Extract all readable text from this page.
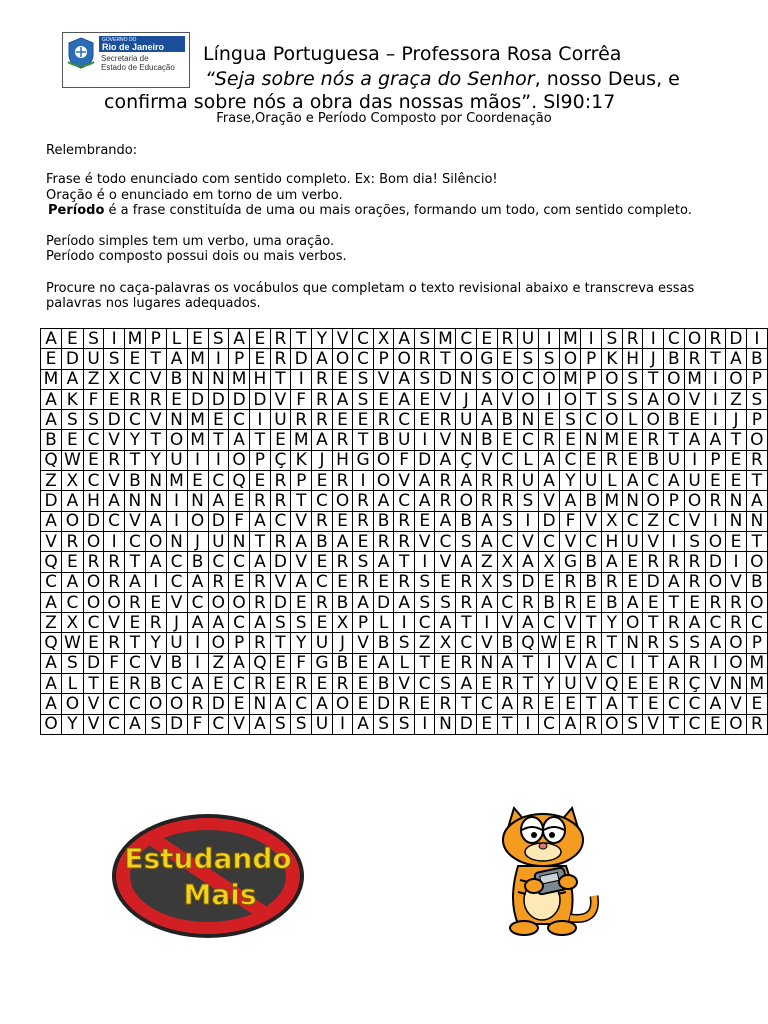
GOVERNO DO
Rio de Janeiro
Secretaria de
Estado de Educação
Língua Portuguesa – Professora Rosa Corrêa
“Seja sobre nós a graça do Senhor, nosso Deus, e
confirma sobre nós a obra das nossas mãos”. Sl90:17
Frase,Oração e Período Composto por Coordenação
Relembrando:
Frase é todo enunciado com sentido completo. Ex: Bom dia! Silêncio!
Oração é o enunciado em torno de um verbo.
Período é a frase constituída de uma ou mais orações, formando um todo, com sentido completo.
Período simples tem um verbo, uma oração.
Período composto possui dois ou mais verbos.
Procure no caça-palavras os vocábulos que completam o texto revisional abaixo e transcreva essas palavras nos lugares adequados.
A	E	S	I	M	P	L	E	S	A	E	R	T	Y	V	C	X	A	S	M	C	E	R	U	I	M	I	S	R	I	C	O	R	D	I
E	D	U	S	E	T	A	M	I	P	E	R	D	A	O	C	P	O	R	T	O	G	E	S	S	O	P	K	H	J	B	R	T	A	B
M	A	Z	X	C	V	B	N	N	M	H	T	I	R	E	S	V	A	S	D	N	S	O	C	O	M	P	O	S	T	O	M	I	O	P
A	K	F	E	R	R	E	D	D	D	D	V	F	R	A	S	E	A	E	V	J	A	V	O	I	O	T	S	S	A	O	V	I	Z	S
A	S	S	D	C	V	N	M	E	C	I	U	R	R	E	E	R	C	E	R	U	A	B	N	E	S	C	O	L	O	B	E	I	J	P
B	E	C	V	Y	T	O	M	T	A	T	E	M	A	R	T	B	U	I	V	N	B	E	C	R	E	N	M	E	R	T	A	A	T	O
Q	W	E	R	T	Y	U	I	I	O	P	Ç	K	J	H	G	O	F	D	A	Ç	V	C	L	A	C	E	R	E	B	U	I	P	E	R
Z	X	C	V	B	N	M	E	C	Q	E	R	P	E	R	I	O	V	A	R	A	R	R	U	A	Y	U	L	A	C	A	U	E	E	T
D	A	H	A	N	N	I	N	A	E	R	R	T	C	O	R	A	C	A	R	O	R	R	S	V	A	B	M	N	O	P	O	R	N	A
A	O	D	C	V	A	I	O	D	F	A	C	V	R	E	R	B	R	E	A	B	A	S	I	D	F	V	X	C	Z	C	V	I	N	N
V	R	O	I	C	O	N	J	U	N	T	R	A	B	A	E	R	R	V	C	S	A	C	V	C	V	C	H	U	V	I	S	O	E	T
Q	E	R	R	T	A	C	B	C	C	A	D	V	E	R	S	A	T	I	V	A	Z	X	A	X	G	B	A	E	R	R	R	D	I	O
C	A	O	R	A	I	C	A	R	E	R	V	A	C	E	R	E	R	S	E	R	X	S	D	E	R	B	R	E	D	A	R	O	V	B
A	C	O	O	R	E	V	C	O	O	R	D	E	R	B	A	D	A	S	S	R	A	C	R	B	R	E	B	A	E	T	E	R	R	O
Z	X	C	V	E	R	J	A	A	C	A	S	S	E	X	P	L	I	C	A	T	I	V	A	C	V	T	Y	O	T	R	A	C	R	C
Q	W	E	R	T	Y	U	I	O	P	R	T	Y	U	J	V	B	S	Z	X	C	V	B	Q	W	E	R	T	N	R	S	S	A	O	P
A	S	D	F	C	V	B	I	Z	A	Q	E	F	G	B	E	A	L	T	E	R	N	A	T	I	V	A	C	I	T	A	R	I	O	M
A	L	T	E	R	B	C	A	E	C	R	E	R	E	R	E	B	V	C	S	A	E	R	T	Y	U	V	Q	E	E	R	Ç	V	N	M
A	O	V	C	C	O	O	R	D	E	N	A	C	A	O	E	D	R	E	R	T	C	A	R	E	E	T	A	T	E	C	C	A	V	E
O	Y	V	C	A	S	D	F	C	V	A	S	S	U	I	A	S	S	I	N	D	E	T	I	C	A	R	O	S	V	T	C	E	O	R
Estudando
Mais
